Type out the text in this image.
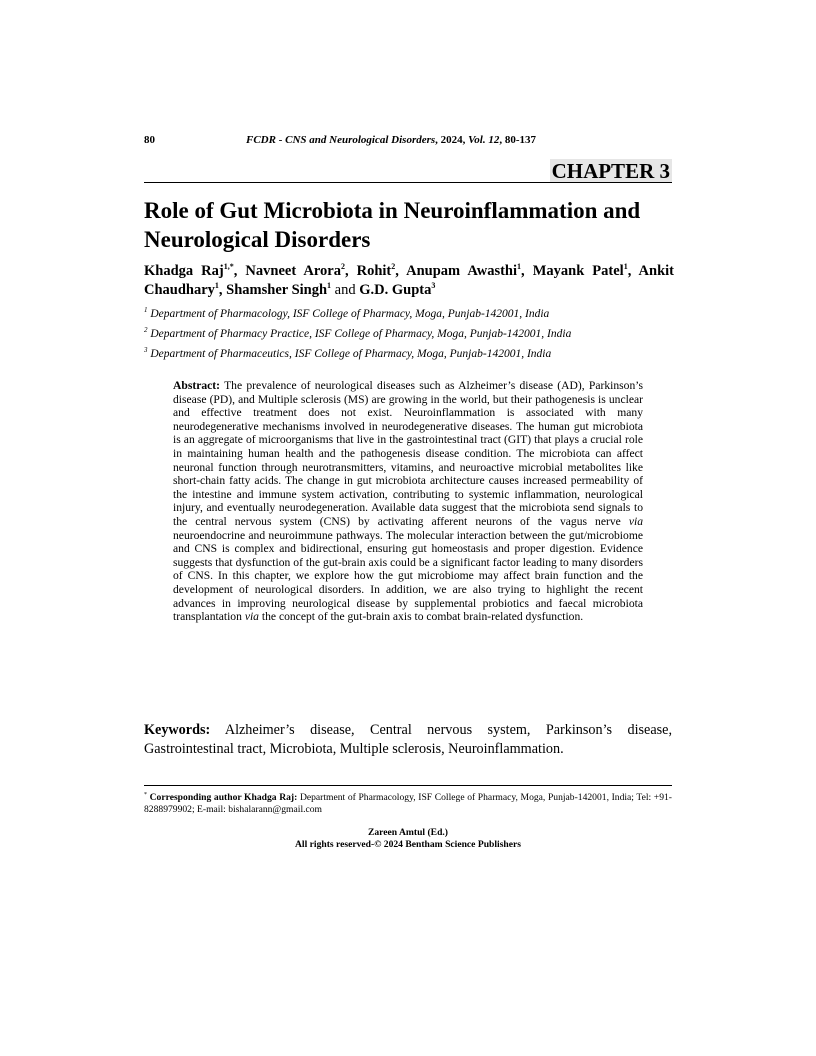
80	FCDR - CNS and Neurological Disorders, 2024, Vol. 12, 80-137
CHAPTER 3
Role of Gut Microbiota in Neuroinflammation and Neurological Disorders
Khadga Raj$^{1,*}$, Navneet Arora$^2$, Rohit$^2$, Anupam Awasthi$^1$, Mayank Patel$^1$, Ankit Chaudhary$^1$, Shamsher Singh$^1$ and G.D. Gupta$^3$
$^1$ Department of Pharmacology, ISF College of Pharmacy, Moga, Punjab-142001, India
$^2$ Department of Pharmacy Practice, ISF College of Pharmacy, Moga, Punjab-142001, India
$^3$ Department of Pharmaceutics, ISF College of Pharmacy, Moga, Punjab-142001, India
Abstract: The prevalence of neurological diseases such as Alzheimer’s disease (AD), Parkinson’s disease (PD), and Multiple sclerosis (MS) are growing in the world, but their pathogenesis is unclear and effective treatment does not exist. Neuroinflammation is associated with many neurodegenerative mechanisms involved in neurodegenerative diseases. The human gut microbiota is an aggregate of microorganisms that live in the gastrointestinal tract (GIT) that plays a crucial role in maintaining human health and the pathogenesis disease condition. The microbiota can affect neuronal function through neurotransmitters, vitamins, and neuroactive microbial metabolites like short-chain fatty acids. The change in gut microbiota architecture causes increased permeability of the intestine and immune system activation, contributing to systemic inflammation, neurological injury, and eventually neurodegeneration. Available data suggest that the microbiota send signals to the central nervous system (CNS) by activating afferent neurons of the vagus nerve via neuroendocrine and neuroimmune pathways. The molecular interaction between the gut/microbiome and CNS is complex and bidirectional, ensuring gut homeostasis and proper digestion. Evidence suggests that dysfunction of the gut-brain axis could be a significant factor leading to many disorders of CNS. In this chapter, we explore how the gut microbiome may affect brain function and the development of neurological disorders. In addition, we are also trying to highlight the recent advances in improving neurological disease by supplemental probiotics and faecal microbiota transplantation via the concept of the gut-brain axis to combat brain-related dysfunction.
Keywords: Alzheimer’s disease, Central nervous system, Parkinson’s disease, Gastrointestinal tract, Microbiota, Multiple sclerosis, Neuroinflammation.
* Corresponding author Khadga Raj: Department of Pharmacology, ISF College of Pharmacy, Moga, Punjab-142001, India; Tel: +91-8288979902; E-mail: bishalarann@gmail.com
Zareen Amtul (Ed.)
All rights reserved-© 2024 Bentham Science Publishers
